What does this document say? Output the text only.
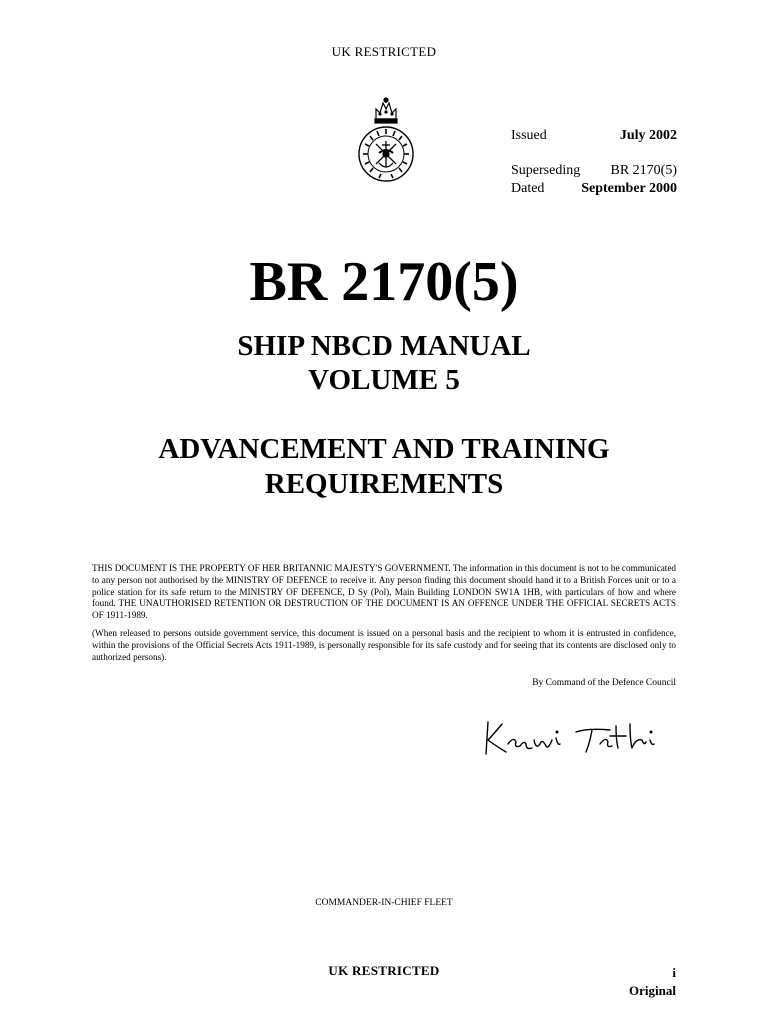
UK RESTRICTED
Issued	July 2002
Superseding BR 2170(5)
Dated	September 2000
BR 2170(5)
SHIP NBCD MANUAL
VOLUME 5
ADVANCEMENT AND TRAINING
REQUIREMENTS

THIS DOCUMENT IS THE PROPERTY OF HER BRITANNIC MAJESTY'S GOVERNMENT. The information in this document is not to be communicated to any person not authorised by the MINISTRY OF DEFENCE to receive it. Any person finding this document should hand it to a British Forces unit or to a police station for its safe return to the MINISTRY OF DEFENCE, D Sy (Pol), Main Building LONDON SW1A 1HB, with particulars of how and where found. THE UNAUTHORISED RETENTION OR DESTRUCTION OF THE DOCUMENT IS AN OFFENCE UNDER THE OFFICIAL SECRETS ACTS OF 1911-1989.

(When released to persons outside government service, this document is issued on a personal basis and the recipient to whom it is entrusted in confidence, within the provisions of the Official Secrets Acts 1911-1989, is personally responsible for its safe custody and for seeing that its contents are disclosed only to authorized persons).

By Command of the Defence Council
COMMANDER-IN-CHIEF FLEET
UK RESTRICTED	i
Original
